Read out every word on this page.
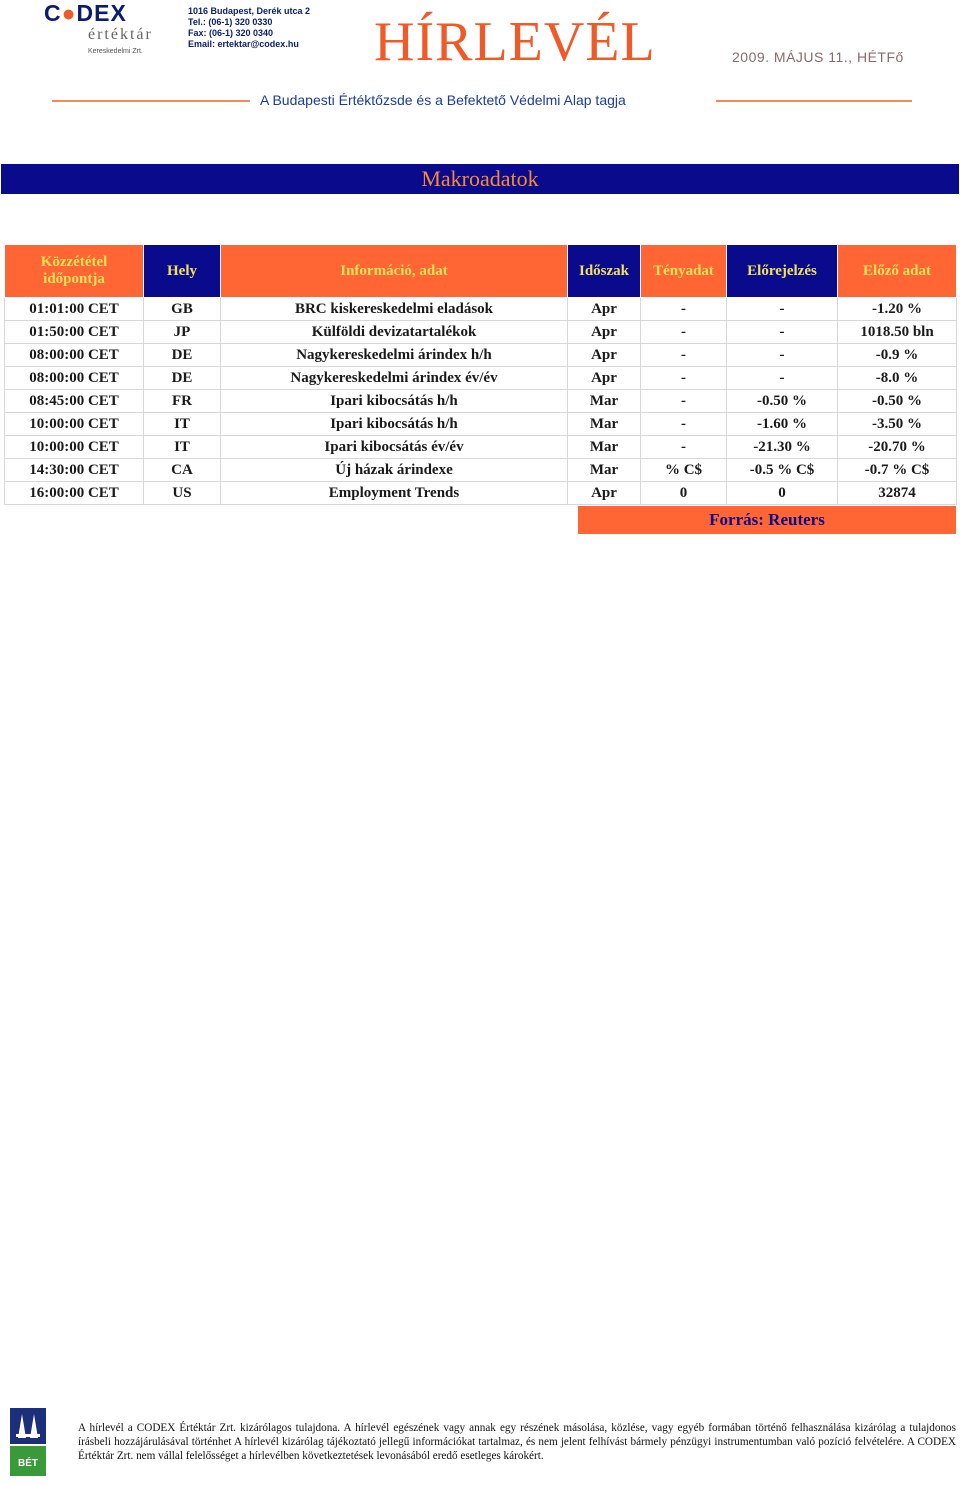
C●DEX
értéktár
Kereskedelmi Zrt.
1016 Budapest, Derék utca 2
Tel.: (06-1) 320 0330
Fax: (06-1) 320 0340
Email: ertektar@codex.hu	HÍRLEVÉL	2009. MÁJUS 11., HÉTFő
A Budapesti Értéktőzsde és a Befektető Védelmi Alap tagja
Makroadatok
Közzététel
időpontja	Hely	Információ, adat	Időszak	Tényadat	Előrejelzés	Előző adat
01:01:00 CET	GB	BRC kiskereskedelmi eladások	Apr	-	-	-1.20 %
01:50:00 CET	JP	Külföldi devizatartalékok	Apr	-	-	1018.50 bln
08:00:00 CET	DE	Nagykereskedelmi árindex h/h	Apr	-	-	-0.9 %
08:00:00 CET	DE	Nagykereskedelmi árindex év/év	Apr	-	-	-8.0 %
08:45:00 CET	FR	Ipari kibocsátás h/h	Mar	-	-0.50 %	-0.50 %
10:00:00 CET	IT	Ipari kibocsátás h/h	Mar	-	-1.60 %	-3.50 %
10:00:00 CET	IT	Ipari kibocsátás év/év	Mar	-	-21.30 %	-20.70 %
14:30:00 CET	CA	Új házak árindexe	Mar	% C$	-0.5 % C$	-0.7 % C$
16:00:00 CET	US	Employment Trends	Apr	0	0	32874
Forrás: Reuters
BÉT
A hírlevél a CODEX Értéktár Zrt. kizárólagos tulajdona. A hírlevél egészének vagy annak egy részének másolása, közlése, vagy egyéb formában történő felhasználása kizárólag a tulajdonos írásbeli hozzájárulásával történhet A hírlevél kizárólag tájékoztató jellegű információkat tartalmaz, és nem jelent felhívást bármely pénzügyi instrumentumban való pozíció felvételére. A CODEX Értéktár Zrt. nem vállal felelősséget a hírlevélben következtetések levonásából eredő esetleges károkért.
